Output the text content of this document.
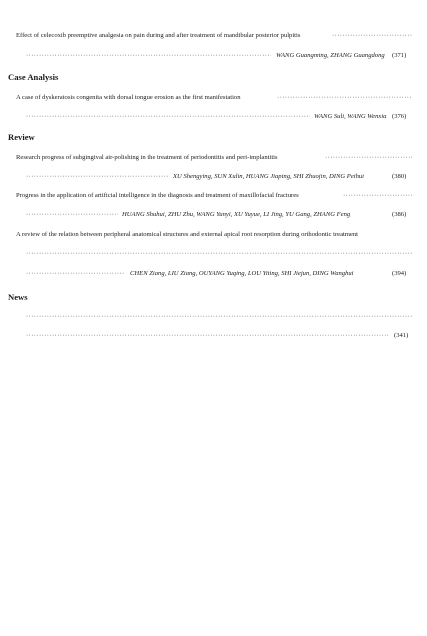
Effect of celecoxib preemptive analgesia on pain during and after treatment of mandibular posterior pulpitis
·····
·····
WANG Guangming, ZHANG Guangdong (371)
Case Analysis
A case of dyskeratosis congenita with dorsal tongue erosion as the first manifestation
·····
·····
WANG Suli, WANG Wenxia (376)
Review
Research progress of subgingival air-polishing in the treatment of periodontitis and peri-implantitis
·····
·····
XU Shengying, SUN Xulin, HUANG Jiaping, SHI Zhuojin, DING Peihui	(380)
Progress in the application of artificial intelligence in the diagnosis and treatment of maxillofacial fractures
·····
·····
HUANG Shuhui, ZHU Zhu, WANG Yunyi, XU Yuyue, LI Jing, YU Gang, ZHANG Feng	(386)
A review of the relation between peripheral anatomical structures and external apical root resorption during orthodontic treatment
·····
·····
CHEN Ziang, LIU Ziang, OUYANG Yuqing, LOU Yiting, SHI Jiejun, DING Wanghui	(394)
News
·····
·····
(341)
